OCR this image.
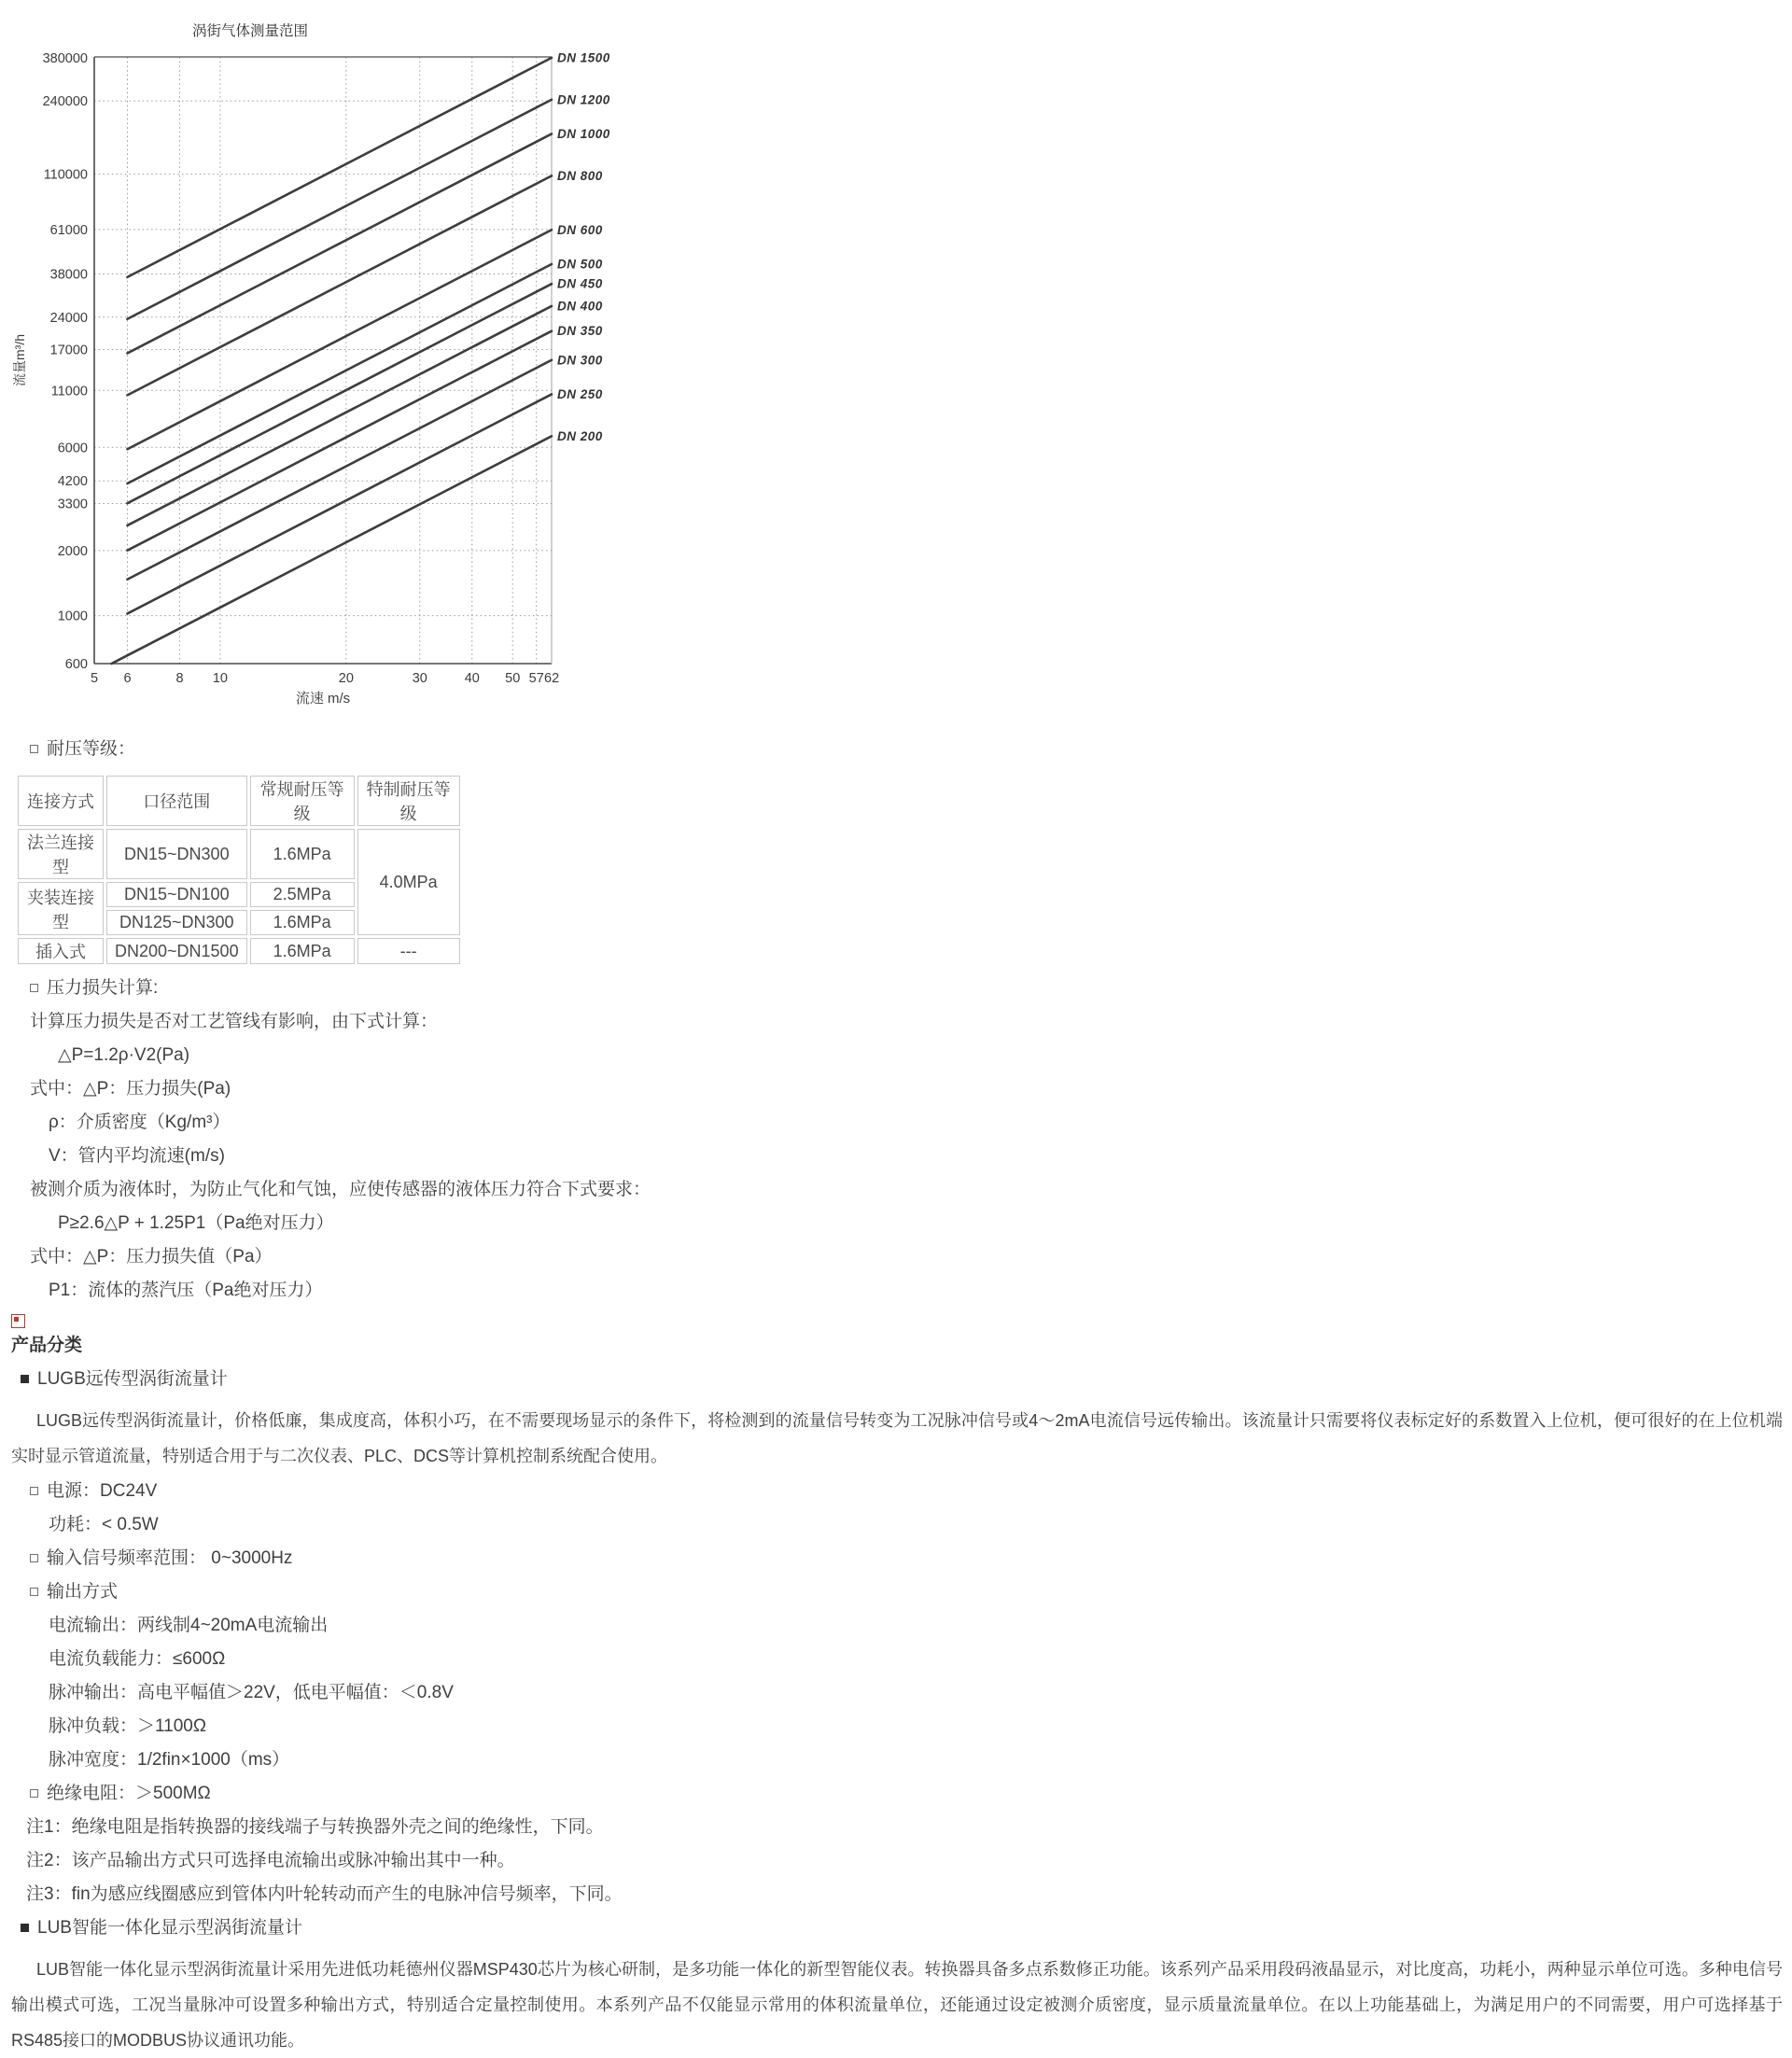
DN 1500
DN 1200
DN 1000
DN 800
DN 600
DN 500
DN 450
DN 400
DN 350
DN 300
DN 250
DN 200
600
1000
2000
3300
4200
6000
11000
17000
24000
38000
61000
110000
240000
380000
5 6	8 10	20	30	40 50 57 62
涡街气体测量范围
流速 m/s
流量m³/h
耐压等级：
连接方式	口径范围	常规耐压等级	特制耐压等级
法兰连接型	DN15~DN300	1.6MPa	4.0MPa
夹装连接型	DN15~DN100	2.5MPa	
	DN125~DN300	1.6MPa	
插入式	DN200~DN1500	1.6MPa	---
压力损失计算:
计算压力损失是否对工艺管线有影响，由下式计算：
△P=1.2ρ·V2(Pa)
式中：△P：压力损失(Pa)
ρ：介质密度（Kg/m³）
V：管内平均流速(m/s)
被测介质为液体时，为防止气化和气蚀，应使传感器的液体压力符合下式要求：
P≥2.6△P + 1.25P1（Pa绝对压力）
式中：△P：压力损失值（Pa）
P1：流体的蒸汽压（Pa绝对压力）
产品分类
LUGB远传型涡街流量计
LUGB远传型涡街流量计，价格低廉，集成度高，体积小巧，在不需要现场显示的条件下，将检测到的流量信号转变为工况脉冲信号或4～2mA电流信号远传输出。该流量计只需要将仪表标定好的系数置入上位机，便可很好的在上位机端实时显示管道流量，特别适合用于与二次仪表、PLC、DCS等计算机控制系统配合使用。
电源：DC24V
功耗：< 0.5W
输入信号频率范围： 0~3000Hz
输出方式
电流输出：两线制4~20mA电流输出
电流负载能力：≤600Ω
脉冲输出：高电平幅值＞22V，低电平幅值：＜0.8V
脉冲负载：＞1100Ω
脉冲宽度：1/2fin×1000（ms）
绝缘电阻：＞500MΩ
注1：绝缘电阻是指转换器的接线端子与转换器外壳之间的绝缘性，下同。
注2：该产品输出方式只可选择电流输出或脉冲输出其中一种。
注3：fin为感应线圈感应到管体内叶轮转动而产生的电脉冲信号频率，下同。
LUB智能一体化显示型涡街流量计
LUB智能一体化显示型涡街流量计采用先进低功耗德州仪器MSP430芯片为核心研制，是多功能一体化的新型智能仪表。转换器具备多点系数修正功能。该系列产品采用段码液晶显示，对比度高，功耗小，两种显示单位可选。多种电信号输出模式可选，工况当量脉冲可设置多种输出方式，特别适合定量控制使用。本系列产品不仅能显示常用的体积流量单位，还能通过设定被测介质密度，显示质量流量单位。在以上功能基础上，为满足用户的不同需要，用户可选择基于RS485接口的MODBUS协议通讯功能。
